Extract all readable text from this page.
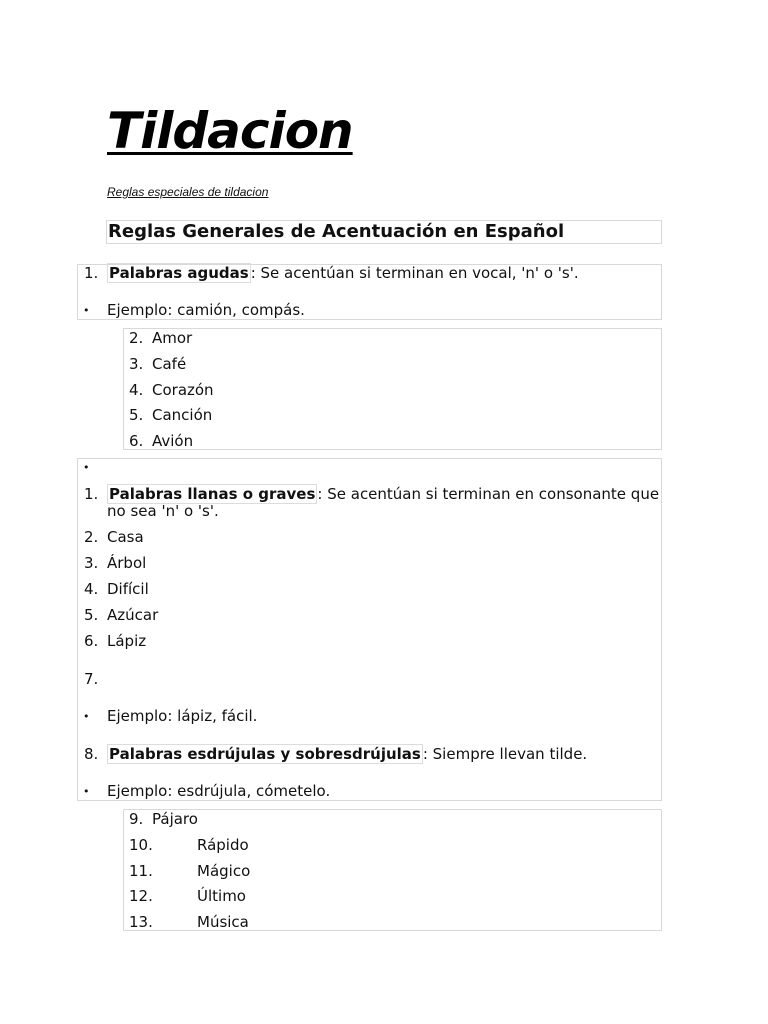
Tildacion
Reglas especiales de tildacion
Reglas Generales de Acentuación en Español
1. Palabras agudas : Se acentúan si terminan en vocal, 'n' o 's'.
• Ejemplo: camión, compás.
2. Amor
3. Café
4. Corazón
5. Canción
6. Avión
•
1. Palabras llanas o graves : Se acentúan si terminan en consonante que
no sea 'n' o 's'.
2. Casa
3. Árbol
4. Difícil
5. Azúcar
6. Lápiz
7.
• Ejemplo: lápiz, fácil.
8. Palabras esdrújulas y sobresdrújulas : Siempre llevan tilde.
• Ejemplo: esdrújula, cómetelo.
9. Pájaro
10.	Rápido
11.	Mágico
12.	Último
13.	Música
